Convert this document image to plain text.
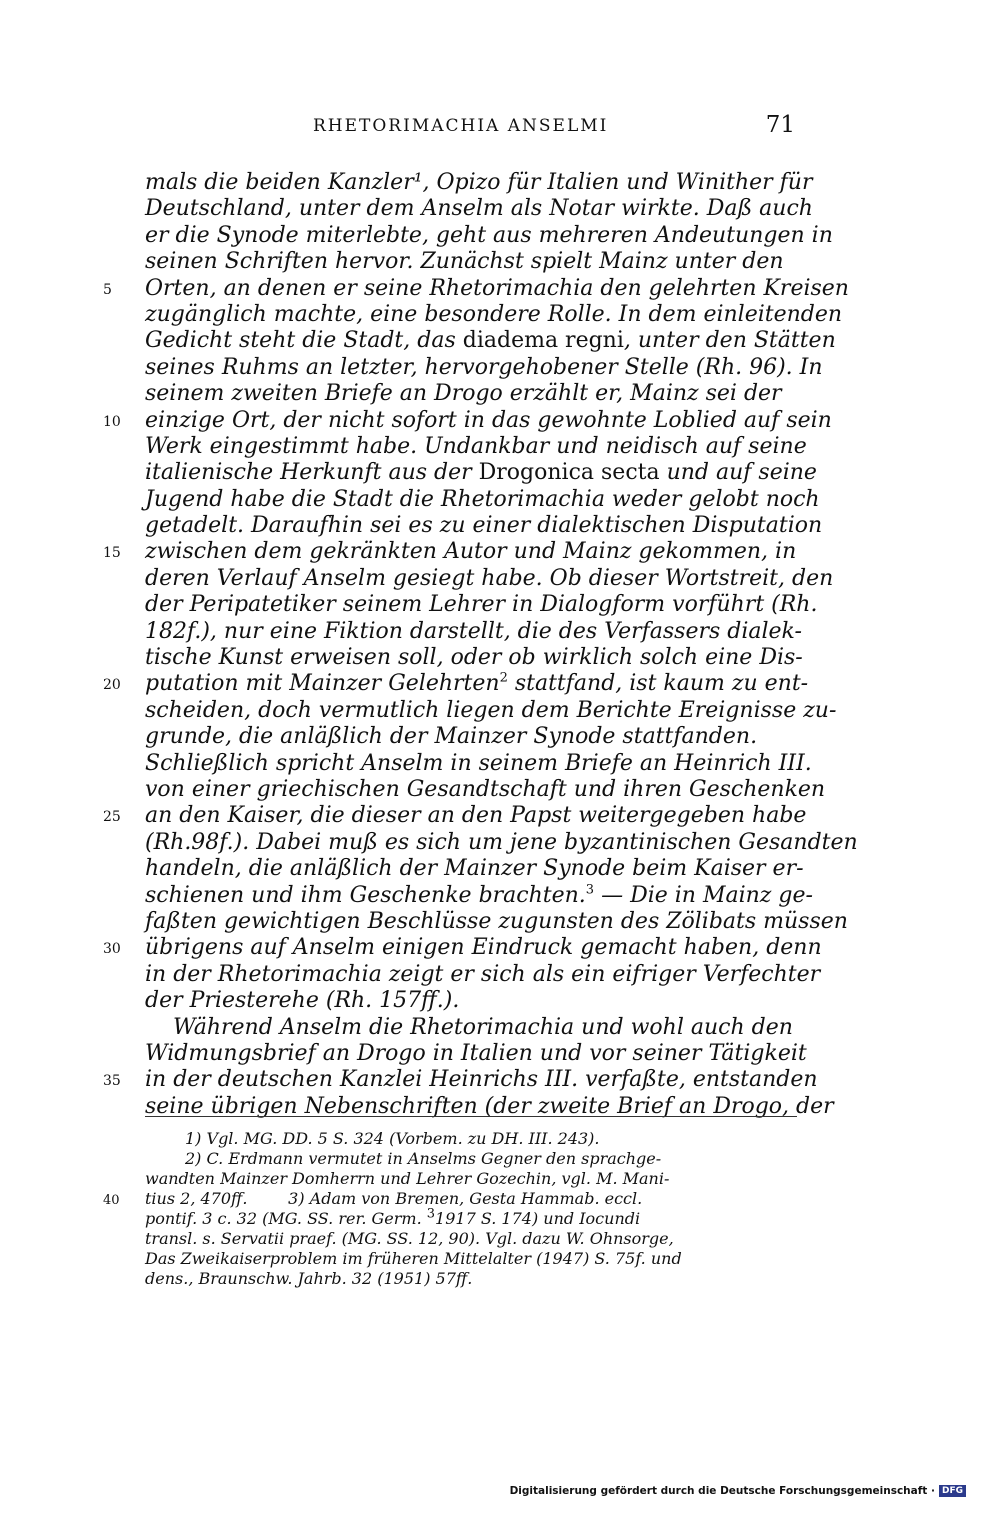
RHETORIMACHIA ANSELMI	71
mals die beiden Kanzler¹, Opizo für Italien und Winither für
Deutschland, unter dem Anselm als Notar wirkte. Daß auch
er die Synode miterlebte, geht aus mehreren Andeutungen in
seinen Schriften hervor. Zunächst spielt Mainz unter den
5 Orten, an denen er seine Rhetorimachia den gelehrten Kreisen
zugänglich machte, eine besondere Rolle. In dem einleitenden
Gedicht steht die Stadt, das diadema regni, unter den Stätten
seines Ruhms an letzter, hervorgehobener Stelle (Rh. 96). In
seinem zweiten Briefe an Drogo erzählt er, Mainz sei der
10 einzige Ort, der nicht sofort in das gewohnte Loblied auf sein
Werk eingestimmt habe. Undankbar und neidisch auf seine
italienische Herkunft aus der Drogonica secta und auf seine
Jugend habe die Stadt die Rhetorimachia weder gelobt noch
getadelt. Daraufhin sei es zu einer dialektischen Disputation
15 zwischen dem gekränkten Autor und Mainz gekommen, in
deren Verlauf Anselm gesiegt habe. Ob dieser Wortstreit, den
der Peripatetiker seinem Lehrer in Dialogform vorführt (Rh.
182f.), nur eine Fiktion darstellt, die des Verfassers dialek-
tische Kunst erweisen soll, oder ob wirklich solch eine Dis-
20 putation mit Mainzer Gelehrten$^2$ stattfand, ist kaum zu ent-
scheiden, doch vermutlich liegen dem Berichte Ereignisse zu-
grunde, die anläßlich der Mainzer Synode stattfanden.
Schließlich spricht Anselm in seinem Briefe an Heinrich III.
von einer griechischen Gesandtschaft und ihren Geschenken
25 an den Kaiser, die dieser an den Papst weitergegeben habe
(Rh.98f.). Dabei muß es sich um jene byzantinischen Gesandten
handeln, die anläßlich der Mainzer Synode beim Kaiser er-
schienen und ihm Geschenke brachten.$^3$ — Die in Mainz ge-
faßten gewichtigen Beschlüsse zugunsten des Zölibats müssen
30 übrigens auf Anselm einigen Eindruck gemacht haben, denn
in der Rhetorimachia zeigt er sich als ein eifriger Verfechter
der Priesterehe (Rh. 157ff.).
Während Anselm die Rhetorimachia und wohl auch den
Widmungsbrief an Drogo in Italien und vor seiner Tätigkeit
35 in der deutschen Kanzlei Heinrichs III. verfaßte, entstanden
seine übrigen Nebenschriften (der zweite Brief an Drogo, der
1) Vgl. MG. DD. 5 S. 324 (Vorbem. zu DH. III. 243).
2) C. Erdmann vermutet in Anselms Gegner den sprachge-
wandten Mainzer Domherrn und Lehrer Gozechin, vgl. M. Mani-
40 tius 2, 470ff.        3) Adam von Bremen, Gesta Hammab. eccl.
pontif. 3 c. 32 (MG. SS. rer. Germ. $^3$1917 S. 174) und Iocundi
transl. s. Servatii praef. (MG. SS. 12, 90). Vgl. dazu W. Ohnsorge,
Das Zweikaiserproblem im früheren Mittelalter (1947) S. 75f. und
dens., Braunschw. Jahrb. 32 (1951) 57ff.
Digitalisierung gefördert durch die Deutsche Forschungsgemeinschaft · DFG
